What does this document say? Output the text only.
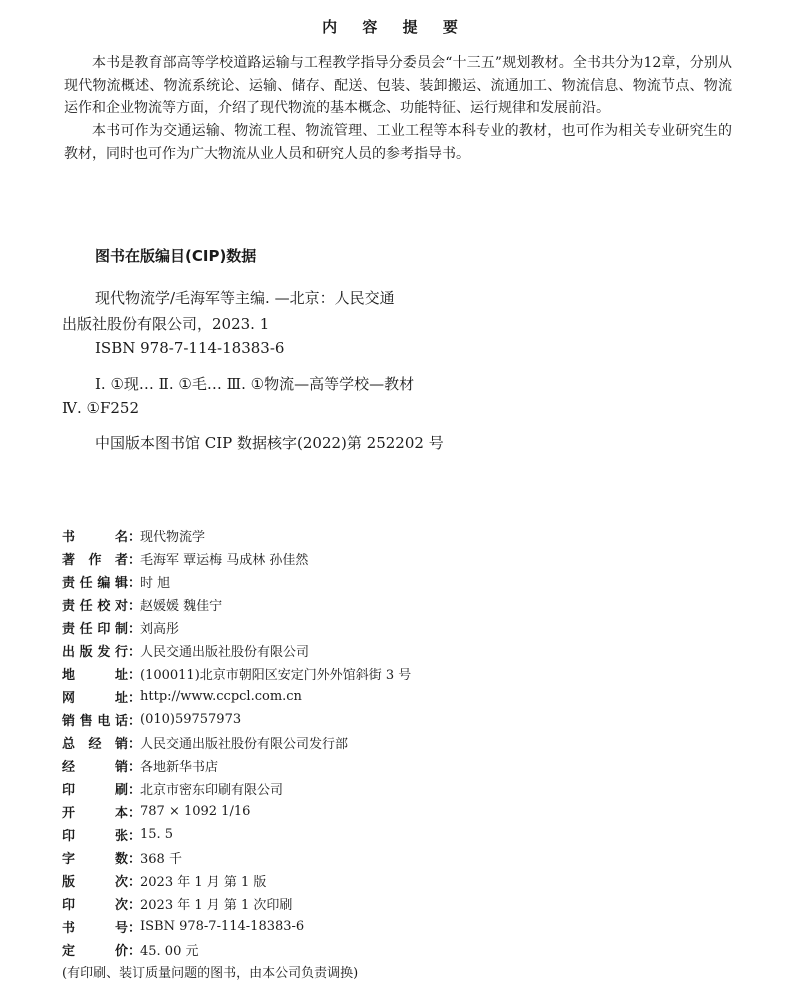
内 容 提 要
本书是教育部高等学校道路运输与工程教学指导分委员会“十三五”规划教材。全书共分为12章，分别从现代物流概述、物流系统论、运输、储存、配送、包装、装卸搬运、流通加工、物流信息、物流节点、物流运作和企业物流等方面，介绍了现代物流的基本概念、功能特征、运行规律和发展前沿。
本书可作为交通运输、物流工程、物流管理、工业工程等本科专业的教材，也可作为相关专业研究生的教材，同时也可作为广大物流从业人员和研究人员的参考指导书。
图书在版编目(CIP)数据
现代物流学/毛海军等主编. —北京：人民交通
出版社股份有限公司，2023. 1
ISBN 978-7-114-18383-6
Ⅰ. ①现… Ⅱ. ①毛… Ⅲ. ①物流—高等学校—教材
Ⅳ. ①F252
中国版本图书馆 CIP 数据核字(2022)第 252202 号
书	名 ：
现代物流学
著 作 者 ：
毛海军 覃运梅 马成林 孙佳然
责 任 编 辑 ：
时 旭
责 任 校 对 ：
赵媛媛 魏佳宁
责 任 印 制 ：
刘高彤
出 版 发 行 ：
人民交通出版社股份有限公司
地	址 ：
(100011)北京市朝阳区安定门外外馆斜街 3 号
网	址 ：
http://www.ccpcl.com.cn
销 售 电 话 ：
(010)59757973
总 经 销 ：
人民交通出版社股份有限公司发行部
经	销 ：
各地新华书店
印	刷 ：
北京市密东印刷有限公司
开	本 ：
787 × 1092 1/16
印	张 ：
15. 5
字	数 ：
368 千
版	次 ：
2023 年 1 月 第 1 版
印	次 ：
2023 年 1 月 第 1 次印刷
书	号 ：
ISBN 978-7-114-18383-6
定	价 ：
45. 00 元
(有印刷、装订质量问题的图书，由本公司负责调换)
